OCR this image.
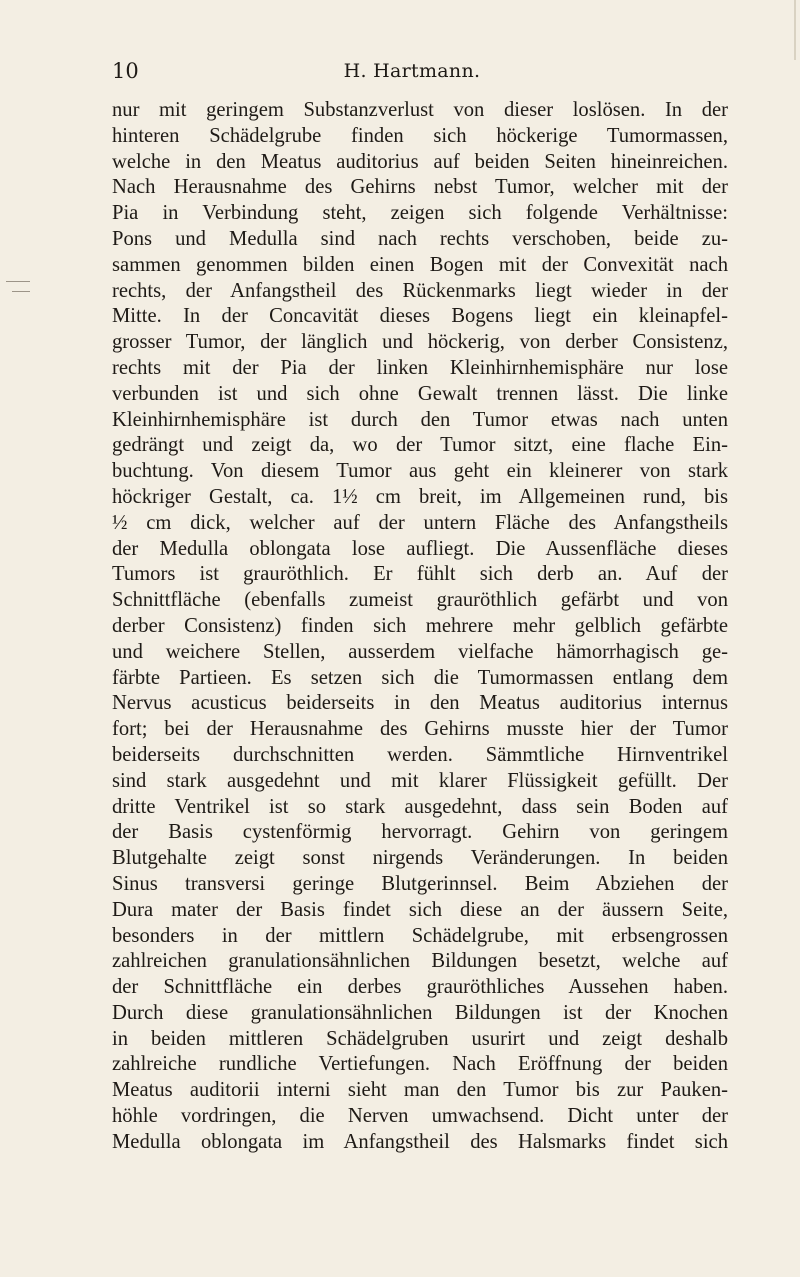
10	H. Hartmann.
nur mit geringem Substanzverlust von dieser loslösen. In der
hinteren Schädelgrube finden sich höckerige Tumormassen,
welche in den Meatus auditorius auf beiden Seiten hineinreichen.
Nach Herausnahme des Gehirns nebst Tumor, welcher mit der
Pia in Verbindung steht, zeigen sich folgende Verhältnisse:
Pons und Medulla sind nach rechts verschoben, beide zu-
sammen genommen bilden einen Bogen mit der Convexität nach
rechts, der Anfangstheil des Rückenmarks liegt wieder in der
Mitte. In der Concavität dieses Bogens liegt ein kleinapfel-
grosser Tumor, der länglich und höckerig, von derber Consistenz,
rechts mit der Pia der linken Kleinhirnhemisphäre nur lose
verbunden ist und sich ohne Gewalt trennen lässt. Die linke
Kleinhirnhemisphäre ist durch den Tumor etwas nach unten
gedrängt und zeigt da, wo der Tumor sitzt, eine flache Ein-
buchtung. Von diesem Tumor aus geht ein kleinerer von stark
höckriger Gestalt, ca. 1½ cm breit, im Allgemeinen rund, bis
½ cm dick, welcher auf der untern Fläche des Anfangstheils
der Medulla oblongata lose aufliegt. Die Aussenfläche dieses
Tumors ist grauröthlich. Er fühlt sich derb an. Auf der
Schnittfläche (ebenfalls zumeist grauröthlich gefärbt und von
derber Consistenz) finden sich mehrere mehr gelblich gefärbte
und weichere Stellen, ausserdem vielfache hämorrhagisch ge-
färbte Partieen. Es setzen sich die Tumormassen entlang dem
Nervus acusticus beiderseits in den Meatus auditorius internus
fort; bei der Herausnahme des Gehirns musste hier der Tumor
beiderseits durchschnitten werden. Sämmtliche Hirnventrikel
sind stark ausgedehnt und mit klarer Flüssigkeit gefüllt. Der
dritte Ventrikel ist so stark ausgedehnt, dass sein Boden auf
der Basis cystenförmig hervorragt. Gehirn von geringem
Blutgehalte zeigt sonst nirgends Veränderungen. In beiden
Sinus transversi geringe Blutgerinnsel. Beim Abziehen der
Dura mater der Basis findet sich diese an der äussern Seite,
besonders in der mittlern Schädelgrube, mit erbsengrossen
zahlreichen granulationsähnlichen Bildungen besetzt, welche auf
der Schnittfläche ein derbes grauröthliches Aussehen haben.
Durch diese granulationsähnlichen Bildungen ist der Knochen
in beiden mittleren Schädelgruben usurirt und zeigt deshalb
zahlreiche rundliche Vertiefungen. Nach Eröffnung der beiden
Meatus auditorii interni sieht man den Tumor bis zur Pauken-
höhle vordringen, die Nerven umwachsend. Dicht unter der
Medulla oblongata im Anfangstheil des Halsmarks findet sich
